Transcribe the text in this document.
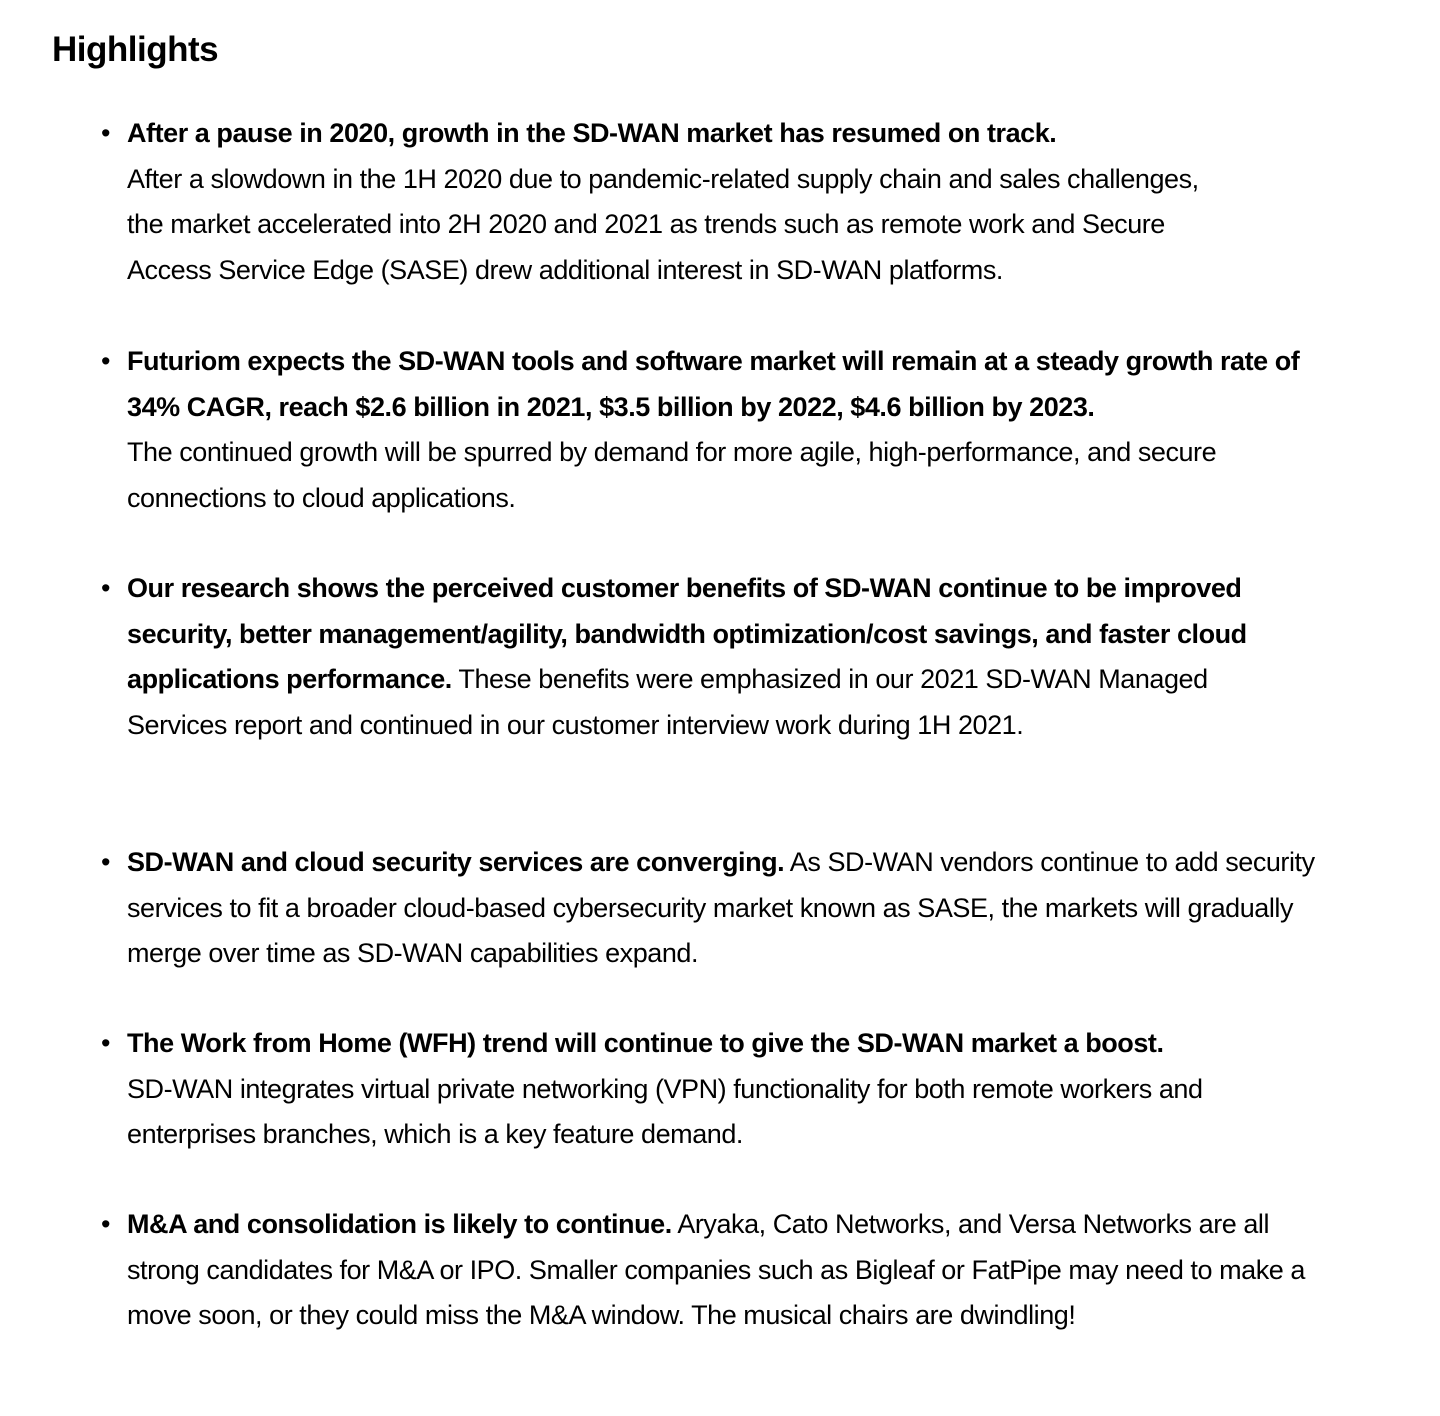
Highlights
• After a pause in 2020, growth in the SD-WAN market has resumed on track.
After a slowdown in the 1H 2020 due to pandemic-related supply chain and sales challenges, the market accelerated into 2H 2020 and 2021 as trends such as remote work and Secure Access Service Edge (SASE) drew additional interest in SD-WAN platforms.
• Futuriom expects the SD-WAN tools and software market will remain at a steady growth rate of 34% CAGR, reach $2.6 billion in 2021, $3.5 billion by 2022, $4.6 billion by 2023.
The continued growth will be spurred by demand for more agile, high-performance, and secure connections to cloud applications.
• Our research shows the perceived customer benefits of SD-WAN continue to be improved security, better management/agility, bandwidth optimization/cost savings, and faster cloud applications performance. These benefits were emphasized in our 2021 SD-WAN Managed Services report and continued in our customer interview work during 1H 2021.
• SD-WAN and cloud security services are converging. As SD-WAN vendors continue to add security services to fit a broader cloud-based cybersecurity market known as SASE, the markets will gradually merge over time as SD-WAN capabilities expand.
• The Work from Home (WFH) trend will continue to give the SD-WAN market a boost.
SD-WAN integrates virtual private networking (VPN) functionality for both remote workers and enterprises branches, which is a key feature demand.
• M&A and consolidation is likely to continue. Aryaka, Cato Networks, and Versa Networks are all strong candidates for M&A or IPO. Smaller companies such as Bigleaf or FatPipe may need to make a move soon, or they could miss the M&A window. The musical chairs are dwindling!
